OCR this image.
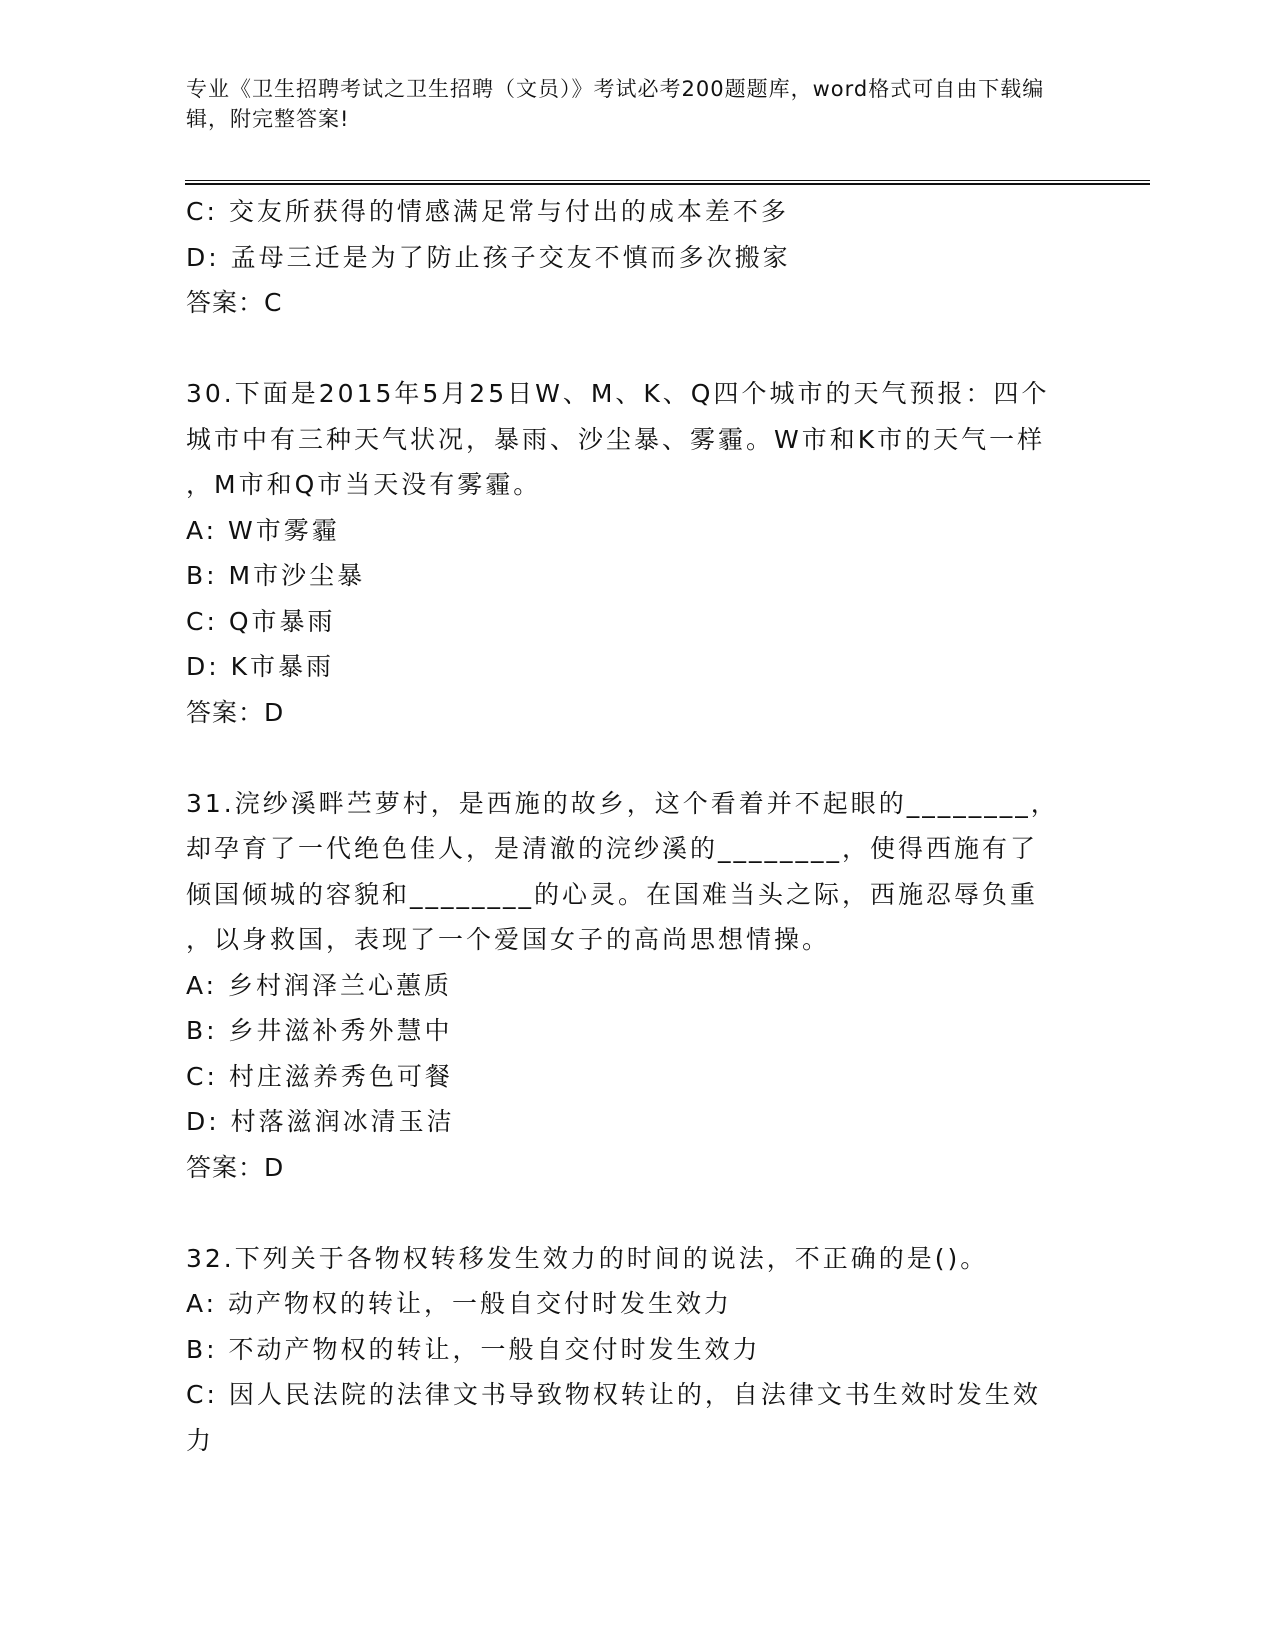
专业《卫生招聘考试之卫生招聘（文员）》考试必考200题题库，word格式可自由下载编辑，附完整答案!
C: 交友所获得的情感满足常与付出的成本差不多
D: 孟母三迁是为了防止孩子交友不慎而多次搬家
答案：C
30.下面是2015年5月25日W、M、K、Q四个城市的天气预报：四个
城市中有三种天气状况，暴雨、沙尘暴、雾霾。W市和K市的天气一样
，M市和Q市当天没有雾霾。
A: W市雾霾
B: M市沙尘暴
C: Q市暴雨
D: K市暴雨
答案：D
31.浣纱溪畔苎萝村，是西施的故乡，这个看着并不起眼的________，
却孕育了一代绝色佳人，是清澈的浣纱溪的________，使得西施有了
倾国倾城的容貌和________的心灵。在国难当头之际，西施忍辱负重
，以身救国，表现了一个爱国女子的高尚思想情操。
A: 乡村润泽兰心蕙质
B: 乡井滋补秀外慧中
C: 村庄滋养秀色可餐
D: 村落滋润冰清玉洁
答案：D
32.下列关于各物权转移发生效力的时间的说法，不正确的是()。
A: 动产物权的转让，一般自交付时发生效力
B: 不动产物权的转让，一般自交付时发生效力
C: 因人民法院的法律文书导致物权转让的，自法律文书生效时发生效
力
